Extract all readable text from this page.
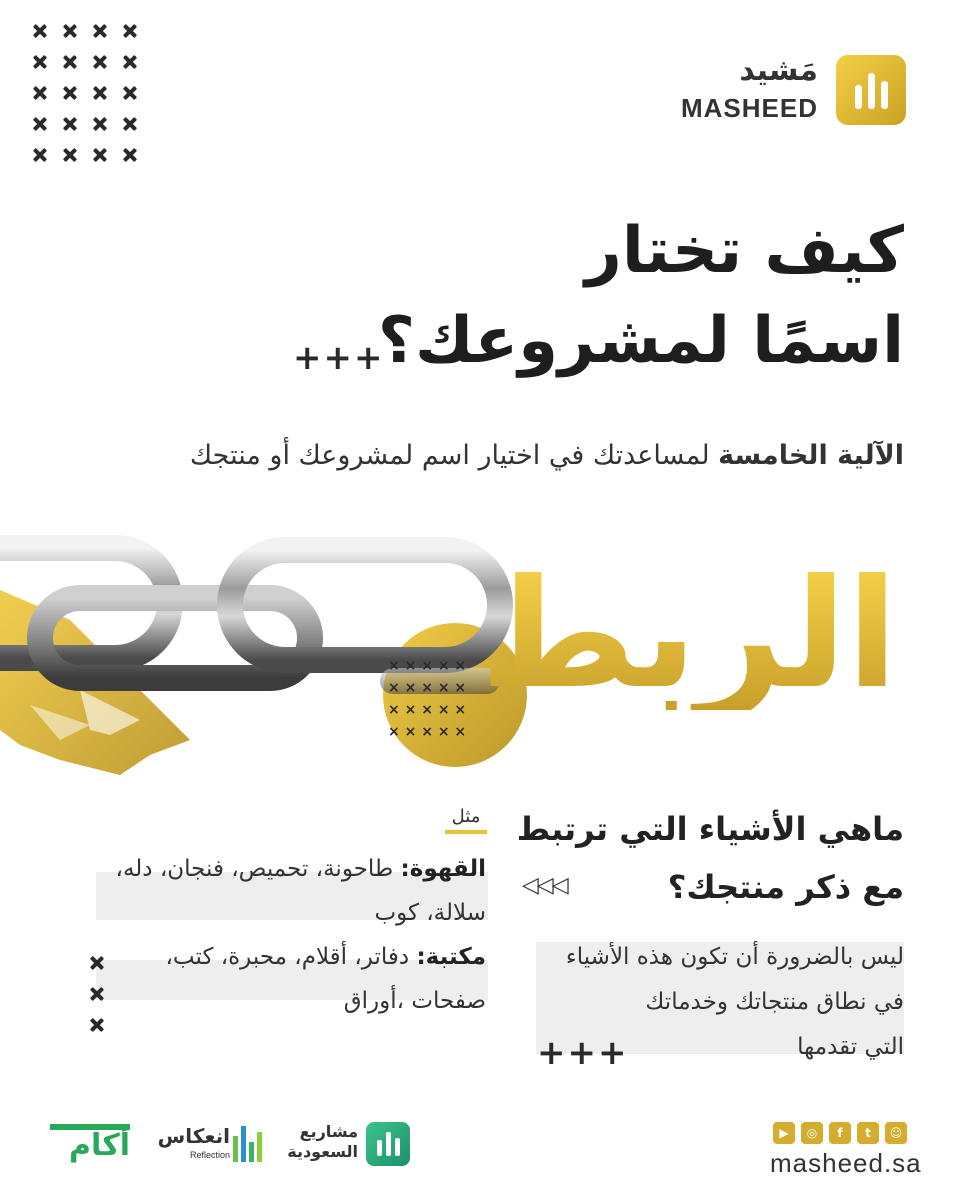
مَشيد
MASHEED
كيف تختار
اسمًا لمشروعك؟
+++
الآلية الخامسة لمساعدتك في اختيار اسم لمشروعك أو منتجك
× × × × ×
× × × × ×
× × × × ×
× × × × ×
الربط
مثل
القهوة: طاحونة، تحميص، فنجان، دله،
سلالة، كوب
مكتبة: دفاتر، أقلام، محبرة، كتب،
صفحات ،أوراق
ماهي الأشياء التي ترتبط
مع ذكر منتجك؟
◁◁◁
ليس بالضرورة أن تكون هذه الأشياء
في نطاق منتجاتك وخدماتك
التي تقدمها
+++
أكام انعكاس
Reflection
مشاريع
السعودية
▶	◎	f	t	☺
masheed.sa
